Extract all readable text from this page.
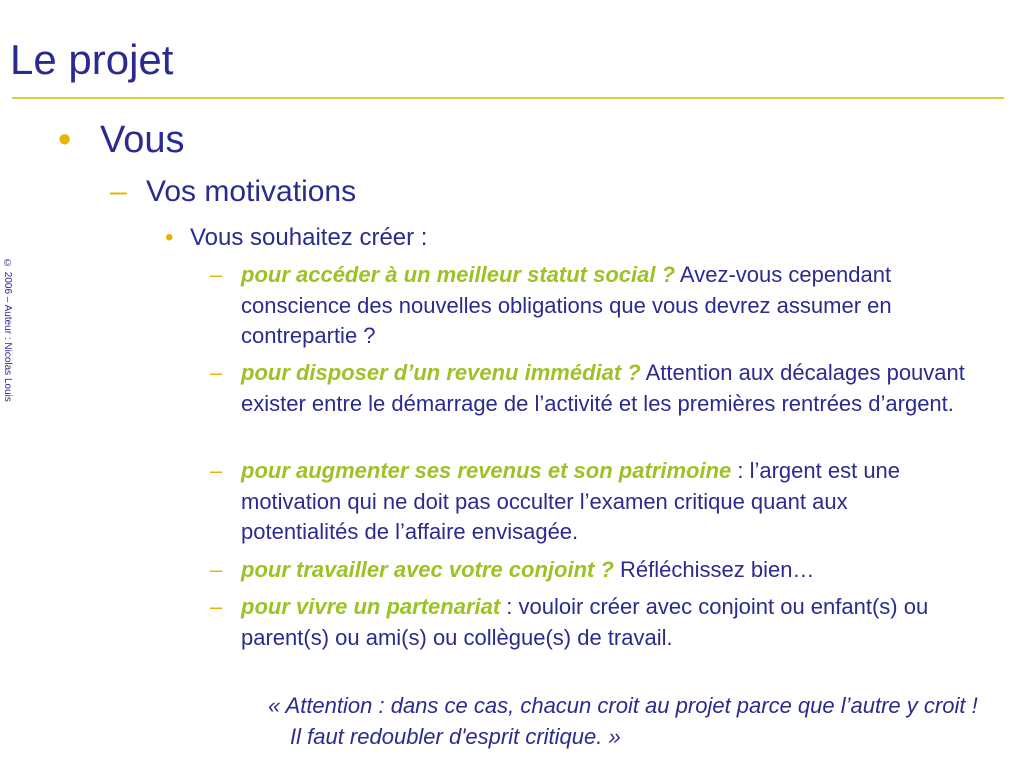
Le projet
© 2006 – Auteur : Nicolas Louis
• Vous
– Vos motivations
• Vous souhaitez créer :
– pour accéder à un meilleur statut social ? Avez-vous cependant conscience des nouvelles obligations que vous devrez assumer en contrepartie ?
– pour disposer d’un revenu immédiat ? Attention aux décalages pouvant exister entre le démarrage de l’activité et les premières rentrées d’argent.
– pour augmenter ses revenus et son patrimoine : l’argent est une motivation qui ne doit pas occulter l’examen critique quant aux potentialités de l’affaire envisagée.
– pour travailler avec votre conjoint ? Réfléchissez bien…
– pour vivre un partenariat : vouloir créer avec conjoint ou enfant(s) ou parent(s) ou ami(s) ou collègue(s) de travail.
« Attention : dans ce cas, chacun croit au projet parce que l’autre y croit ! Il faut redoubler d'esprit critique. »
